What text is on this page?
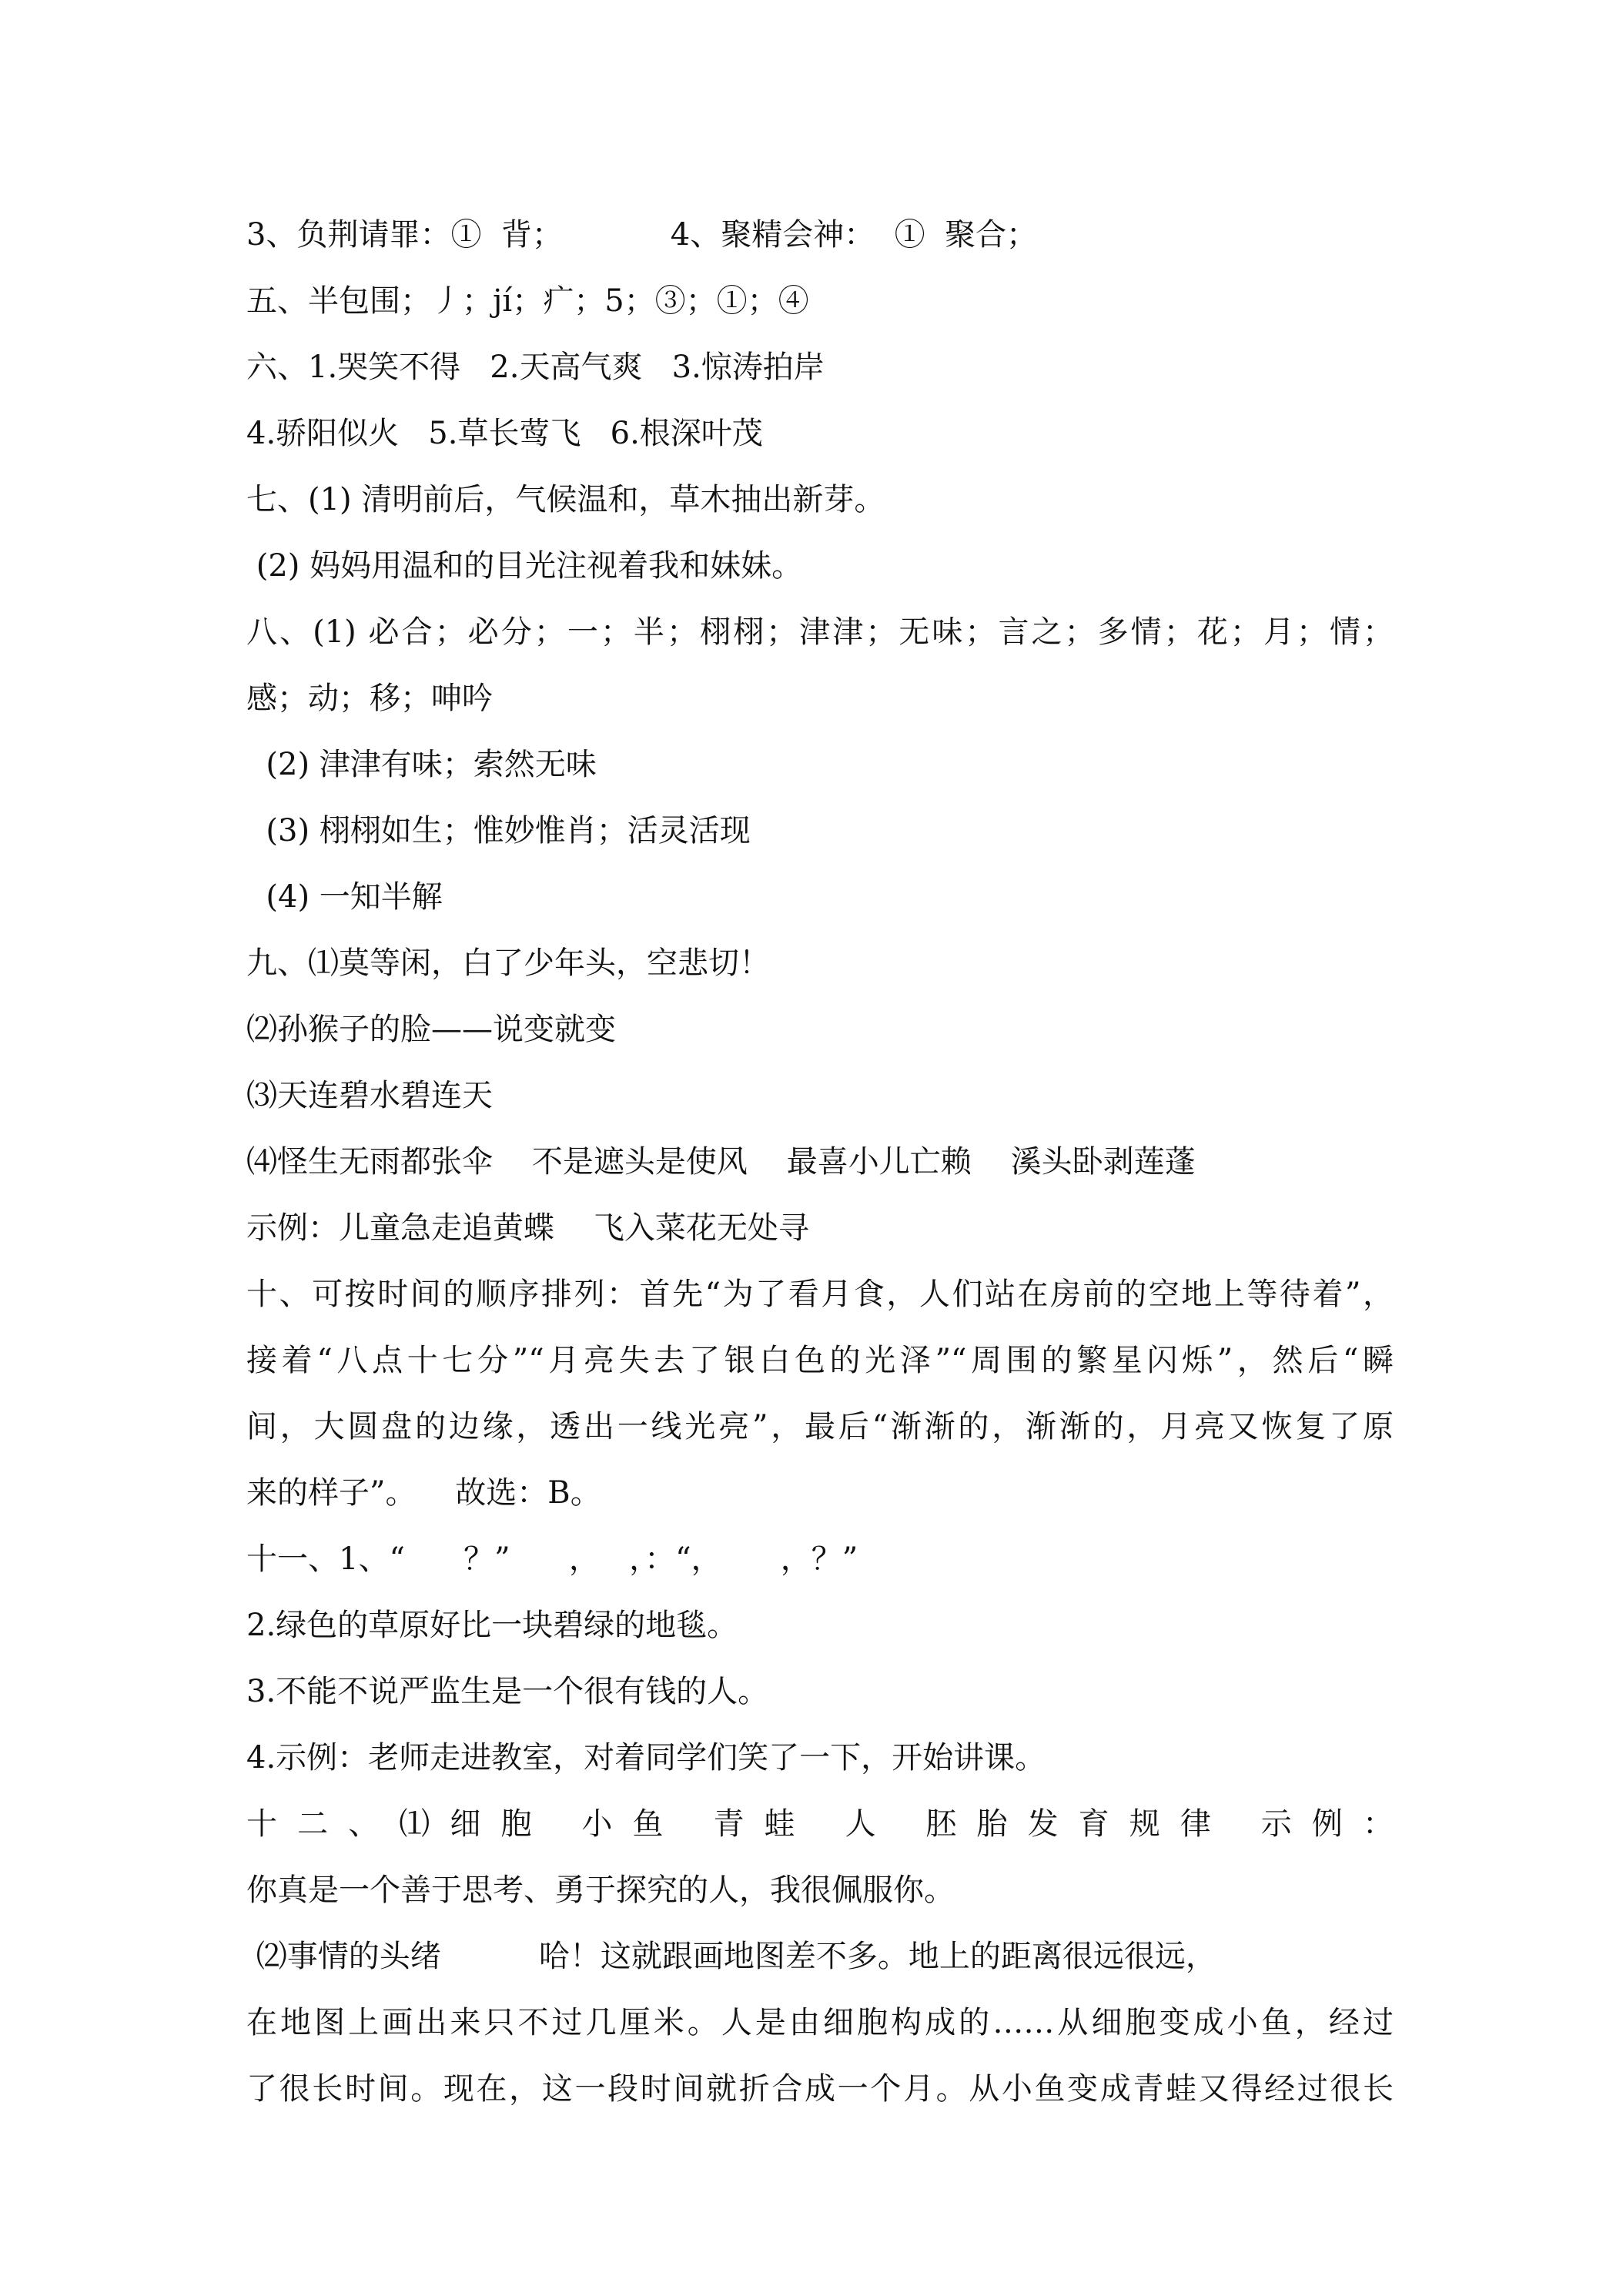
3、负荆请罪：①  背；           4、聚精会神：  ①  聚合；
五、半包围；丿；jí；疒；5；③；①；④
六、1.哭笑不得   2.天高气爽   3.惊涛拍岸
4.骄阳似火   5.草长莺飞   6.根深叶茂
七、(1) 清明前后，气候温和，草木抽出新芽。
(2) 妈妈用温和的目光注视着我和妹妹。
八、(1) 必合；必分；一；半；栩栩；津津；无味；言之；多情；花；月；情；
感；动；移；呻吟
(2) 津津有味；索然无味
(3) 栩栩如生；惟妙惟肖；活灵活现
(4) 一知半解
九、⑴莫等闲，白了少年头，空悲切！
⑵孙猴子的脸——说变就变
⑶天连碧水碧连天
⑷怪生无雨都张伞    不是遮头是使风    最喜小儿亡赖    溪头卧剥莲蓬
示例：儿童急走追黄蝶    飞入菜花无处寻
十、可按时间的顺序排列：首先“为了看月食，人们站在房前的空地上等待着”，
接着“八点十七分”“月亮失去了银白色的光泽”“周围的繁星闪烁”，然后“瞬
间，大圆盘的边缘，透出一线光亮”，最后“渐渐的，渐渐的，月亮又恢复了原
来的样子”。    故选：B。
十一、1、“      ？”      ，   ，：“，      ，？”
2.绿色的草原好比一块碧绿的地毯。
3.不能不说严监生是一个很有钱的人。
4.示例：老师走进教室，对着同学们笑了一下，开始讲课。
十二、⑴细胞 小鱼 青蛙 人 胚胎发育规律 示例：
你真是一个善于思考、勇于探究的人，我很佩服你。
⑵事情的头绪          哈！这就跟画地图差不多。地上的距离很远很远，
在地图上画出来只不过几厘米。人是由细胞构成的……从细胞变成小鱼，经过
了很长时间。现在，这一段时间就折合成一个月。从小鱼变成青蛙又得经过很长
